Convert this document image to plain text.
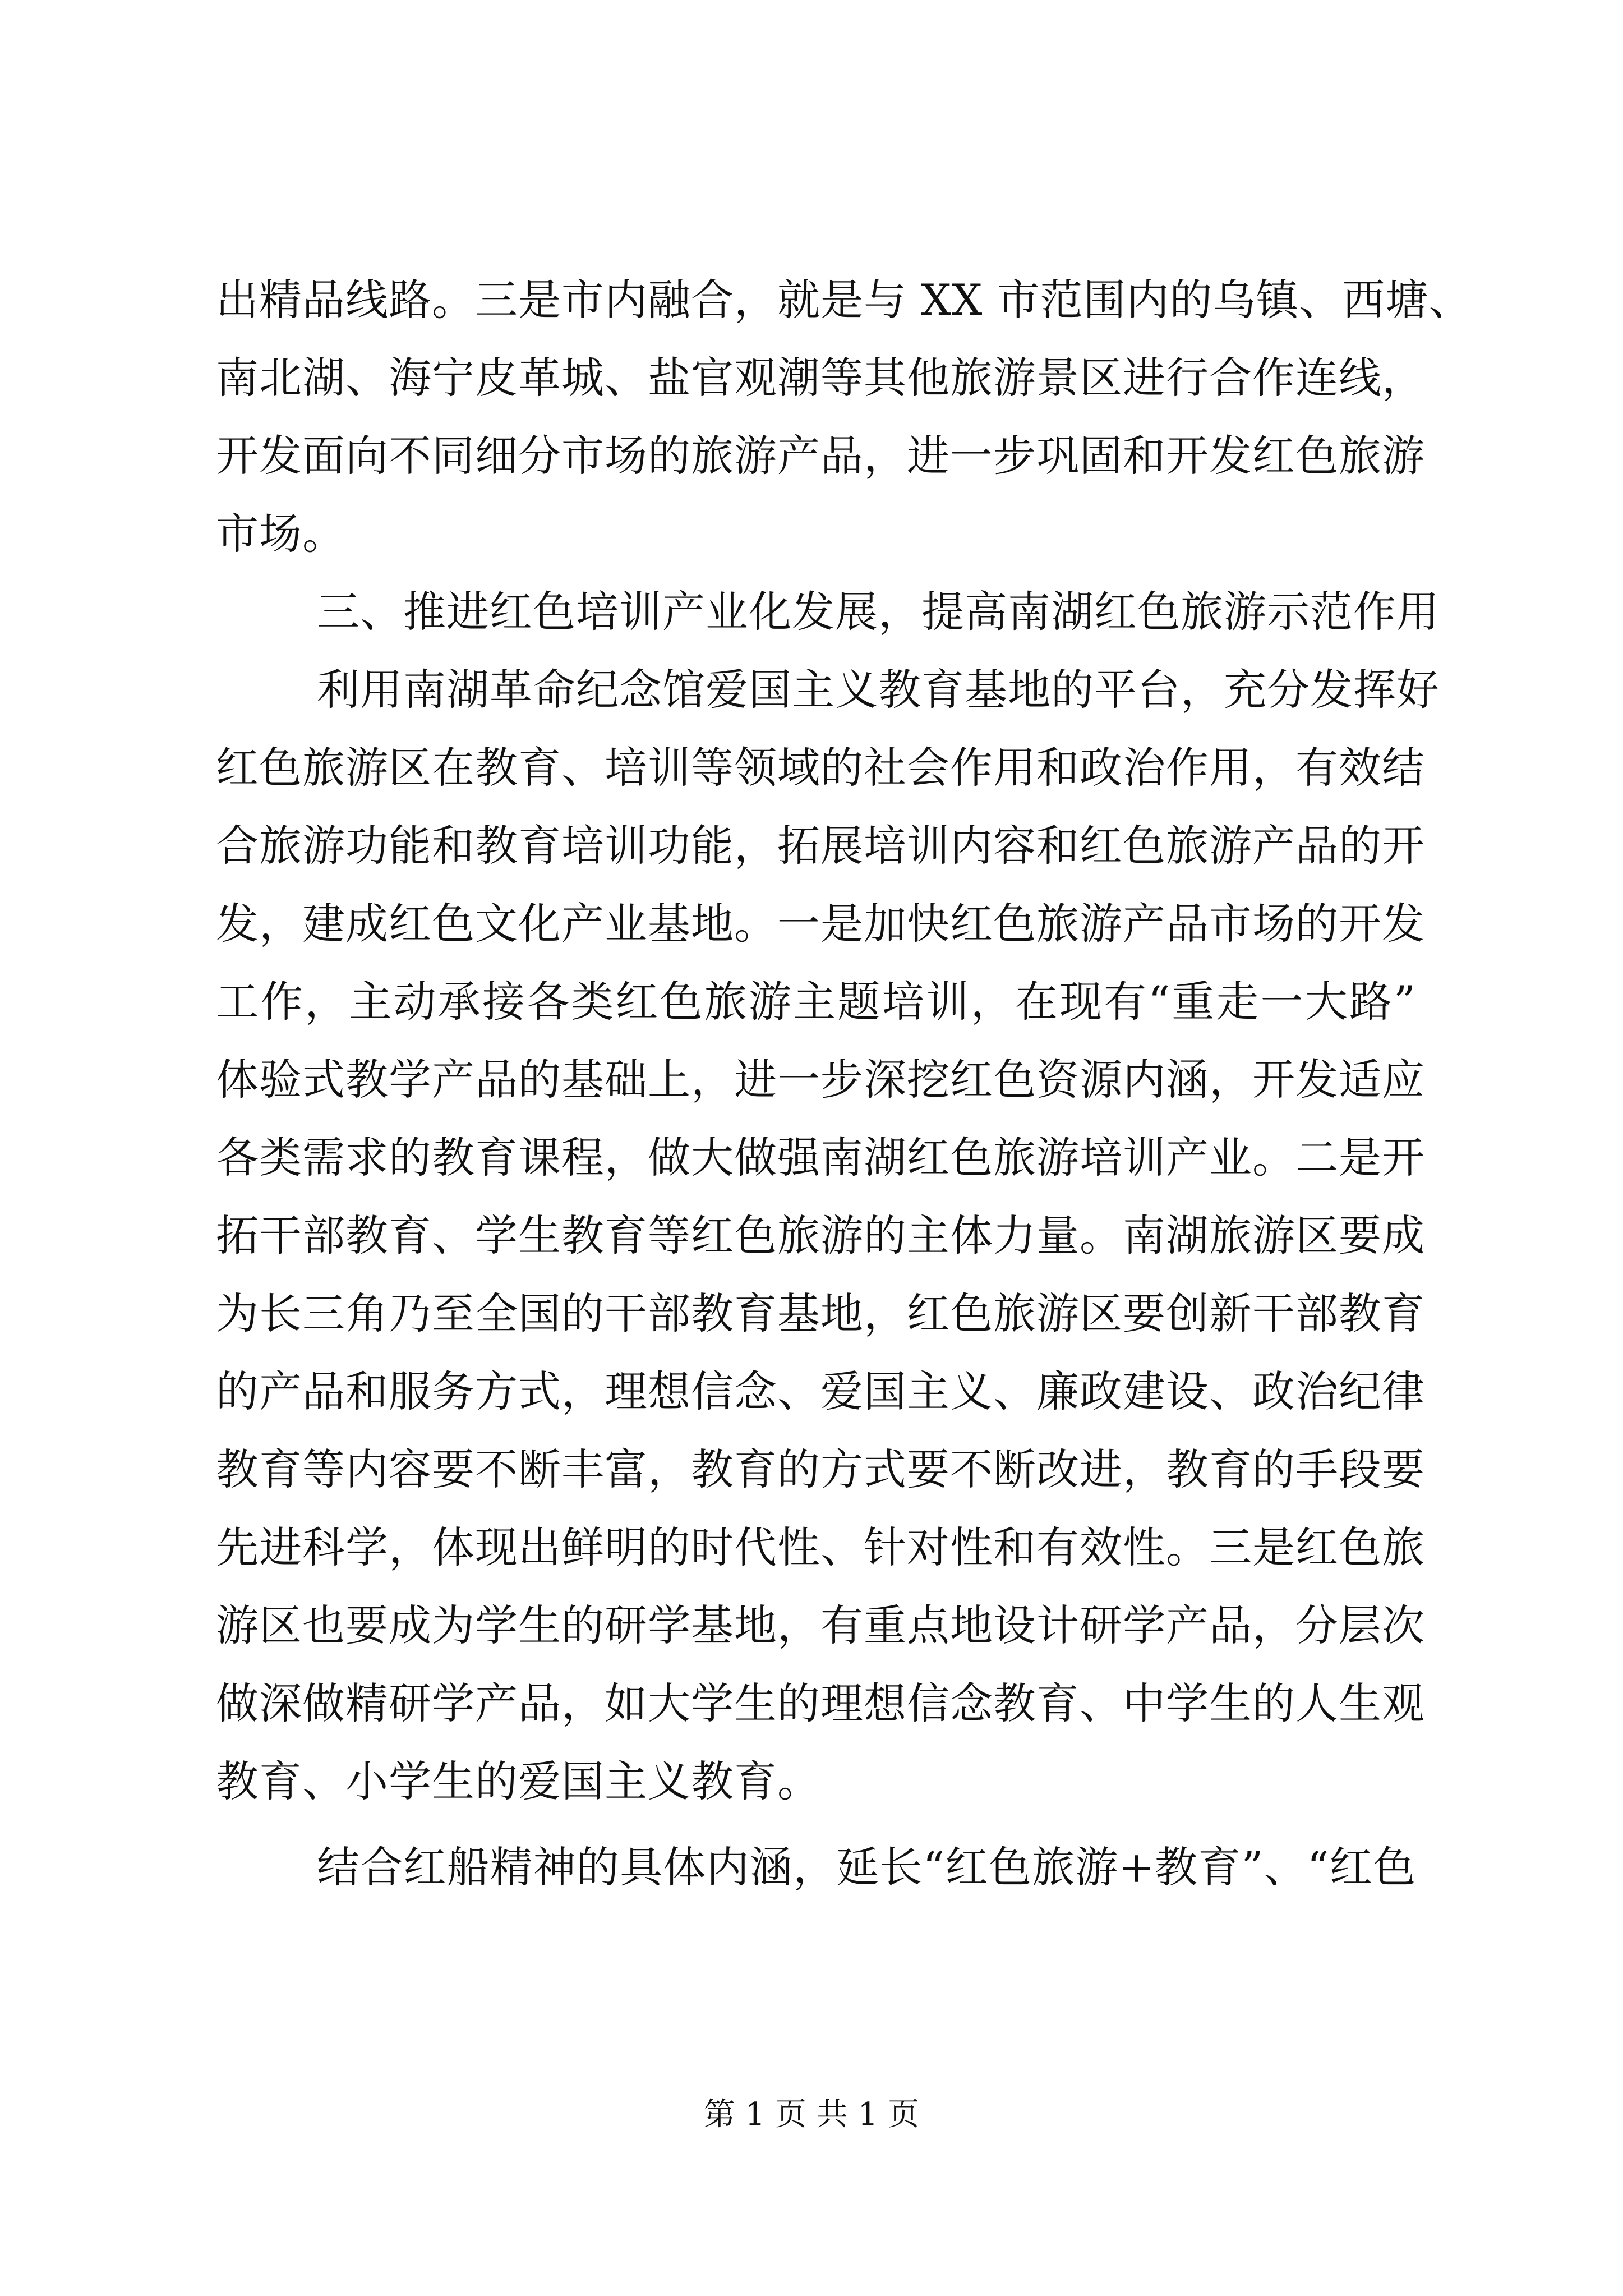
出精品线路。三是市内融合，就是与 XX 市范围内的乌镇、西塘、
南北湖、海宁皮革城、盐官观潮等其他旅游景区进行合作连线，
开发面向不同细分市场的旅游产品，进一步巩固和开发红色旅游
市场。
三、推进红色培训产业化发展，提高南湖红色旅游示范作用
利用南湖革命纪念馆爱国主义教育基地的平台，充分发挥好
红色旅游区在教育、培训等领域的社会作用和政治作用，有效结
合旅游功能和教育培训功能，拓展培训内容和红色旅游产品的开
发，建成红色文化产业基地。一是加快红色旅游产品市场的开发
工作，主动承接各类红色旅游主题培训，在现有“重走一大路”
体验式教学产品的基础上，进一步深挖红色资源内涵，开发适应
各类需求的教育课程，做大做强南湖红色旅游培训产业。二是开
拓干部教育、学生教育等红色旅游的主体力量。南湖旅游区要成
为长三角乃至全国的干部教育基地，红色旅游区要创新干部教育
的产品和服务方式，理想信念、爱国主义、廉政建设、政治纪律
教育等内容要不断丰富，教育的方式要不断改进，教育的手段要
先进科学，体现出鲜明的时代性、针对性和有效性。三是红色旅
游区也要成为学生的研学基地，有重点地设计研学产品，分层次
做深做精研学产品，如大学生的理想信念教育、中学生的人生观
教育、小学生的爱国主义教育。
结合红船精神的具体内涵，延长“红色旅游+教育”、“红色
第 1 页 共 1 页
